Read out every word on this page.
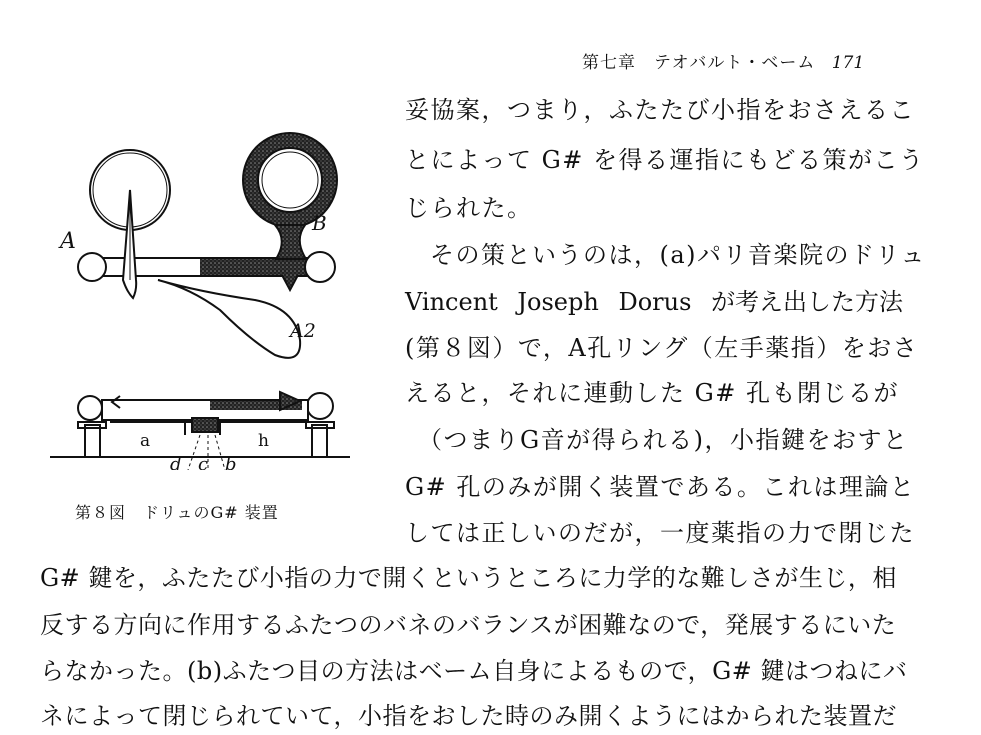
第七章　テオバルト・ベーム 171
A
B
A2
a	h
d c b
第８図　ドリュのG# 装置
妥協案，つまり，ふたたび小指をおさえるこ
とによって G# を得る運指にもどる策がこう
じられた。
その策というのは，(a)パリ音楽院のドリュ
Vincent Joseph Dorus が考え出した方法
(第８図）で，A孔リング（左手薬指）をおさ
えると，それに連動した G# 孔も閉じるが
（つまりG音が得られる)，小指鍵をおすと
G# 孔のみが開く装置である。これは理論と
しては正しいのだが，一度薬指の力で閉じた
G# 鍵を，ふたたび小指の力で開くというところに力学的な難しさが生じ，相
反する方向に作用するふたつのバネのバランスが困難なので，発展するにいた
らなかった。(b)ふたつ目の方法はベーム自身によるもので，G# 鍵はつねにバ
ネによって閉じられていて，小指をおした時のみ開くようにはかられた装置だ
